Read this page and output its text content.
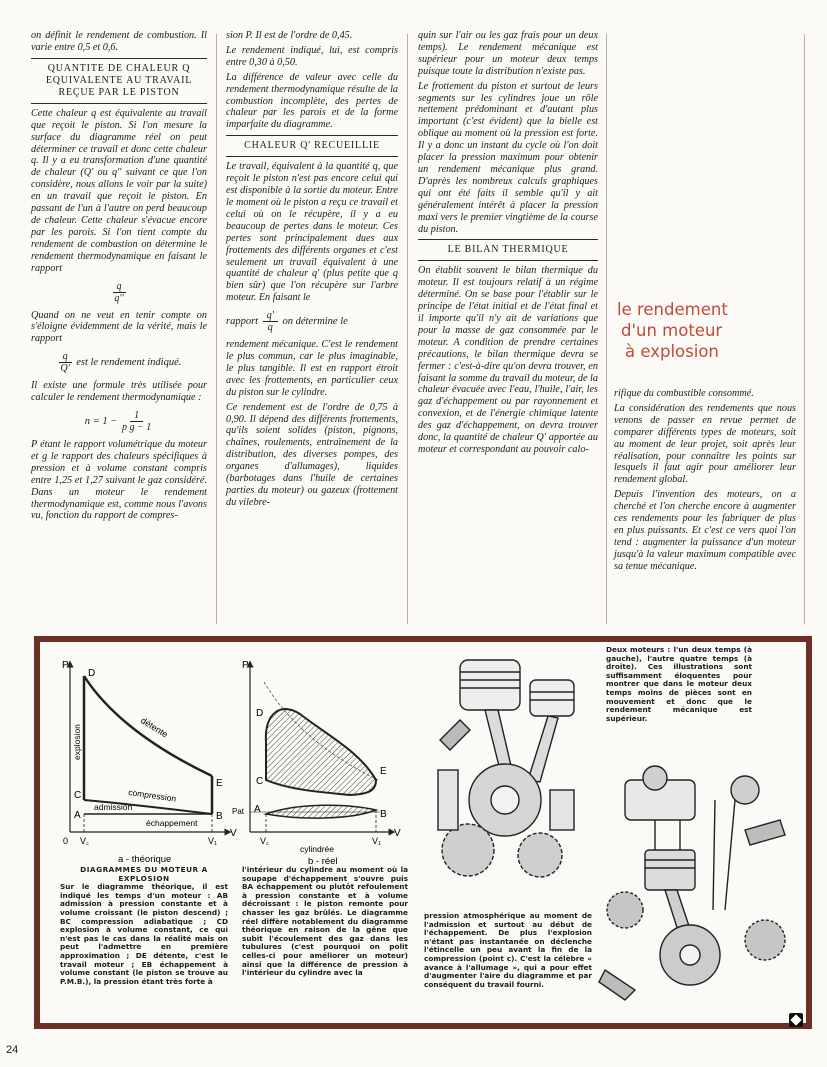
on définit le rendement de combustion. Il varie entre 0,5 et 0,6.

QUANTITE DE CHALEUR Q EQUIVALENTE AU TRAVAIL REÇUE PAR LE PISTON

Cette chaleur q est équivalente au travail que reçoit le piston. Si l'on mesure la surface du diagramme réel on peut déterminer ce travail et donc cette chaleur q. Il y a eu transformation d'une quantité de chaleur (Q' ou q'' suivant ce que l'on considère, nous allons le voir par la suite) en un travail que reçoit le piston. En passant de l'un à l'autre on perd beaucoup de chaleur. Cette chaleur s'évacue encore par les parois. Si l'on tient compte du rendement de combustion on détermine le rendement thermodynamique en faisant le rapport

$\frac{q}{q''}$

Quand on ne veut en tenir compte on s'éloigne évidemment de la vérité, mais le rapport

$\frac{q}{Q'}$ est le rendement indiqué.

Il existe une formule très utilisée pour calculer le rendement thermodynamique :

$n = 1 - \frac{1}{\text{p g − 1}}$

P étant le rapport volumétrique du moteur et g le rapport des chaleurs spécifiques à pression et à volume constant compris entre 1,25 et 1,27 suivant le gaz considéré. Dans un moteur le rendement thermodynamique est, comme nous l'avons vu, fonction du rapport de compres-

sion P. Il est de l'ordre de 0,45.

Le rendement indiqué, lui, est compris entre 0,30 à 0,50.

La différence de valeur avec celle du rendement thermodynamique résulte de la combustion incomplète, des pertes de chaleur par les parois et de la forme imparfaite du diagramme.

CHALEUR Q' RECUEILLIE

Le travail, équivalent à la quantité q, que reçoit le piston n'est pas encore celui qui est disponible à la sortie du moteur. Entre le moment où le piston a reçu ce travail et celui où on le récupère, il y a eu beaucoup de pertes dans le moteur. Ces pertes sont principalement dues aux frottements des différents organes et c'est seulement un travail équivalent à une quantité de chaleur q' (plus petite que q bien sûr) que l'on récupère sur l'arbre moteur. En faisant le

rapport $\frac{q'}{q}$ on détermine le

rendement mécanique. C'est le rendement le plus commun, car le plus imaginable, le plus tangible. Il est en rapport étroit avec les frottements, en particulier ceux du piston sur le cylindre.

Ce rendement est de l'ordre de 0,75 à 0,90. Il dépend des différents frottements, qu'ils soient solides (piston, pignons, chaînes, roulements, entraînement de la distribution, des diverses pompes, des organes d'allumages), liquides (barbotages dans l'huile de certaines parties du moteur) ou gazeux (frottement du vilebre-

quin sur l'air ou les gaz frais pour un deux temps). Le rendement mécanique est supérieur pour un moteur deux temps puisque toute la distribution n'existe pas.

Le frottement du piston et surtout de leurs segments sur les cylindres joue un rôle nettement prédominant et d'autant plus important (c'est évident) que la bielle est oblique au moment où la pression est forte. Il y a donc un instant du cycle où l'on doit placer la pression maximum pour obtenir un rendement mécanique plus grand. D'après les nombreux calculs graphiques qui ont été faits il semble qu'il y ait généralement intérêt à placer la pression maxi vers le premier vingtième de la course du piston.

LE BILAN THERMIQUE

On établit souvent le bilan thermique du moteur. Il est toujours relatif à un régime déterminé. On se base pour l'établir sur le principe de l'état initial et de l'état final et il importe qu'il n'y ait de variations que pour la masse de gaz consommée par le moteur. A condition de prendre certaines précautions, le bilan thermique devra se fermer : c'est-à-dire qu'on devra trouver, en faisant la somme du travail du moteur, de la chaleur évacuée avec l'eau, l'huile, l'air, les gaz d'échappement ou par rayonnement et convexion, et de l'énergie chimique latente des gaz d'échappement, on devra trouver donc, la quantité de chaleur Q' apportée au moteur et correspondant au pouvoir calo-

le rendement
d'un moteur
à explosion

rifique du combustible consommé.

La considération des rendements que nous venons de passer en revue permet de comparer différents types de moteurs, soit au moment de leur projet, soit après leur réalisation, pour connaître les points sur lesquels il faut agir pour améliorer leur rendement global.

Depuis l'invention des moteurs, on a cherché et l'on cherche encore à augmenter ces rendements pour les fabriquer de plus en plus puissants. Et c'est ce vers quoi l'on tend : augmenter la puissance d'un moteur jusqu'à la valeur maximum compatible avec sa tenue mécanique.

P
D
E
C
A	B
0 V꜀	V₁
V
explosion	détente
compression
admission
échappement
a - théorique
P
D
E
C
A	B
Pat
V꜀	V₁
V
cylindrée
b - réel
DIAGRAMMES DU MOTEUR A EXPLOSION
Sur le diagramme théorique, il est indiqué les temps d'un moteur : AB admission à pression constante et à volume croissant (le piston descend) ; BC compression adiabatique ; CD explosion à volume constant, ce qui n'est pas le cas dans la réalité mais on peut l'admettre en première approximation ; DE détente, c'est le travail moteur ; EB échappement à volume constant (le piston se trouve au P.M.B.), la pression étant très forte à
l'intérieur du cylindre au moment où la soupape d'échappement s'ouvre puis BA échappement ou plutôt refoulement à pression constante et à volume décroissant : le piston remonte pour chasser les gaz brûlés. Le diagramme réel diffère notablement du diagramme théorique en raison de la gêne que subit l'écoulement des gaz dans les tubulures (c'est pourquoi on polit celles-ci pour améliorer un moteur) ainsi que la différence de pression à l'intérieur du cylindre avec la
pression atmosphérique au moment de l'admission et surtout au début de l'échappement. De plus l'explosion n'étant pas instantanée on déclenche l'étincelle un peu avant la fin de la compression (point c). C'est la célèbre « avance à l'allumage », qui a pour effet d'augmenter l'aire du diagramme et par conséquent du travail fourni.
Deux moteurs : l'un deux temps (à gauche), l'autre quatre temps (à droite). Ces illustrations sont suffisamment éloquentes pour montrer que dans le moteur deux temps moins de pièces sont en mouvement et donc que le rendement mécanique est supérieur.
24
